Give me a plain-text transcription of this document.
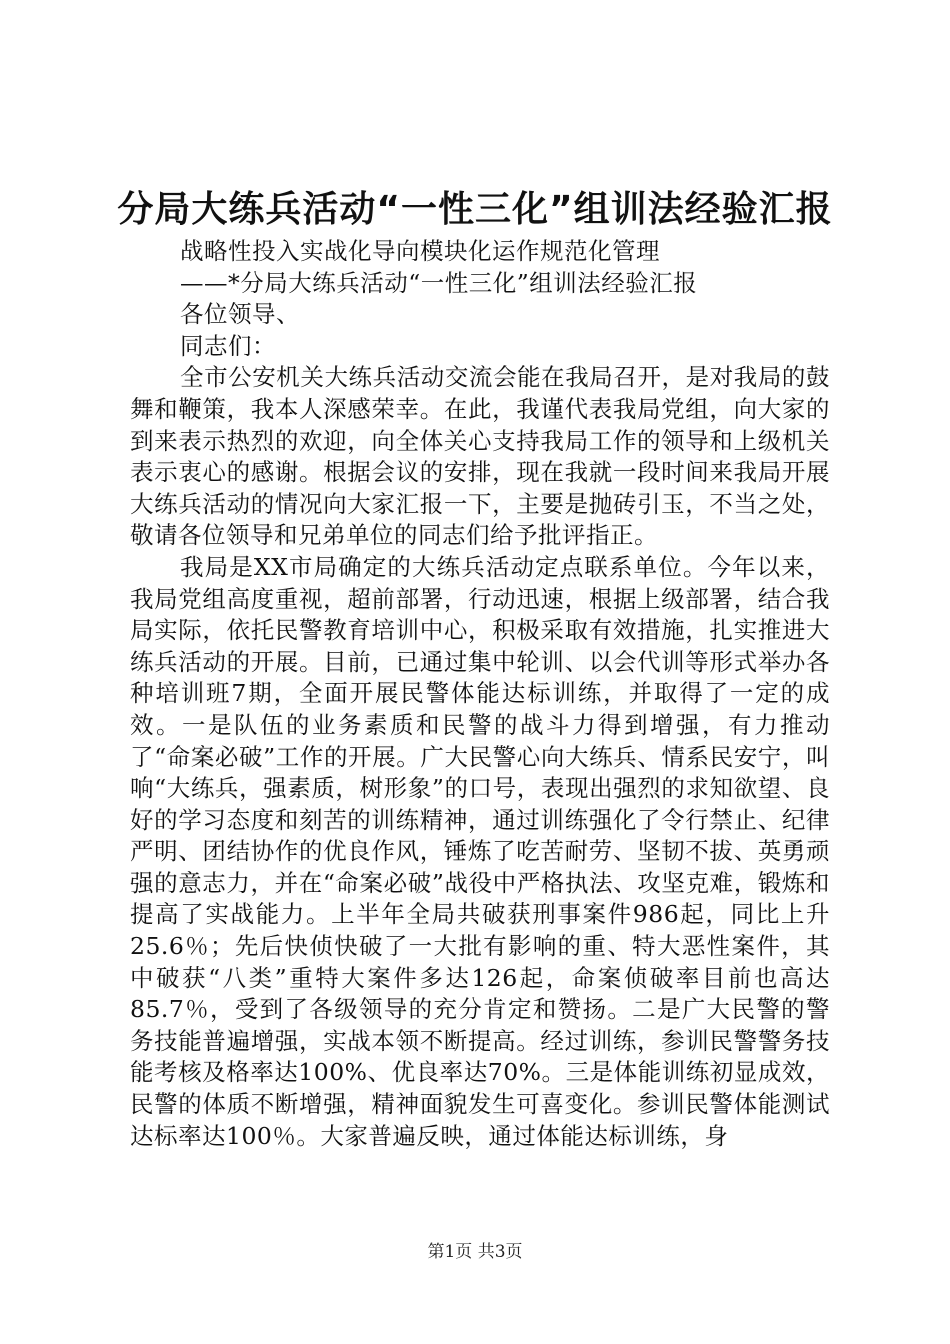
分局大练兵活动“一性三化”组训法经验汇报

战略性投入实战化导向模块化运作规范化管理

——*分局大练兵活动“一性三化”组训法经验汇报

各位领导、

同志们：

全市公安机关大练兵活动交流会能在我局召开，是对我局的鼓舞和鞭策，我本人深感荣幸。在此，我谨代表我局党组，向大家的到来表示热烈的欢迎，向全体关心支持我局工作的领导和上级机关表示衷心的感谢。根据会议的安排，现在我就一段时间来我局开展大练兵活动的情况向大家汇报一下，主要是抛砖引玉，不当之处，敬请各位领导和兄弟单位的同志们给予批评指正。

我局是XX市局确定的大练兵活动定点联系单位。今年以来，我局党组高度重视，超前部署，行动迅速，根据上级部署，结合我局实际，依托民警教育培训中心，积极采取有效措施，扎实推进大练兵活动的开展。目前，已通过集中轮训、以会代训等形式举办各种培训班7期，全面开展民警体能达标训练，并取得了一定的成效。一是队伍的业务素质和民警的战斗力得到增强，有力推动了“命案必破”工作的开展。广大民警心向大练兵、情系民安宁，叫响“大练兵，强素质，树形象”的口号，表现出强烈的求知欲望、良好的学习态度和刻苦的训练精神，通过训练强化了令行禁止、纪律严明、团结协作的优良作风，锤炼了吃苦耐劳、坚韧不拔、英勇顽强的意志力，并在“命案必破”战役中严格执法、攻坚克难，锻炼和提高了实战能力。上半年全局共破获刑事案件986起，同比上升25.6％；先后快侦快破了一大批有影响的重、特大恶性案件，其中破获“八类”重特大案件多达126起，命案侦破率目前也高达85.7％，受到了各级领导的充分肯定和赞扬。二是广大民警的警务技能普遍增强，实战本领不断提高。经过训练，参训民警警务技能考核及格率达100%、优良率达70%。三是体能训练初显成效，民警的体质不断增强，精神面貌发生可喜变化。参训民警体能测试达标率达100％。大家普遍反映，通过体能达标训练，身

第1页 共3页
